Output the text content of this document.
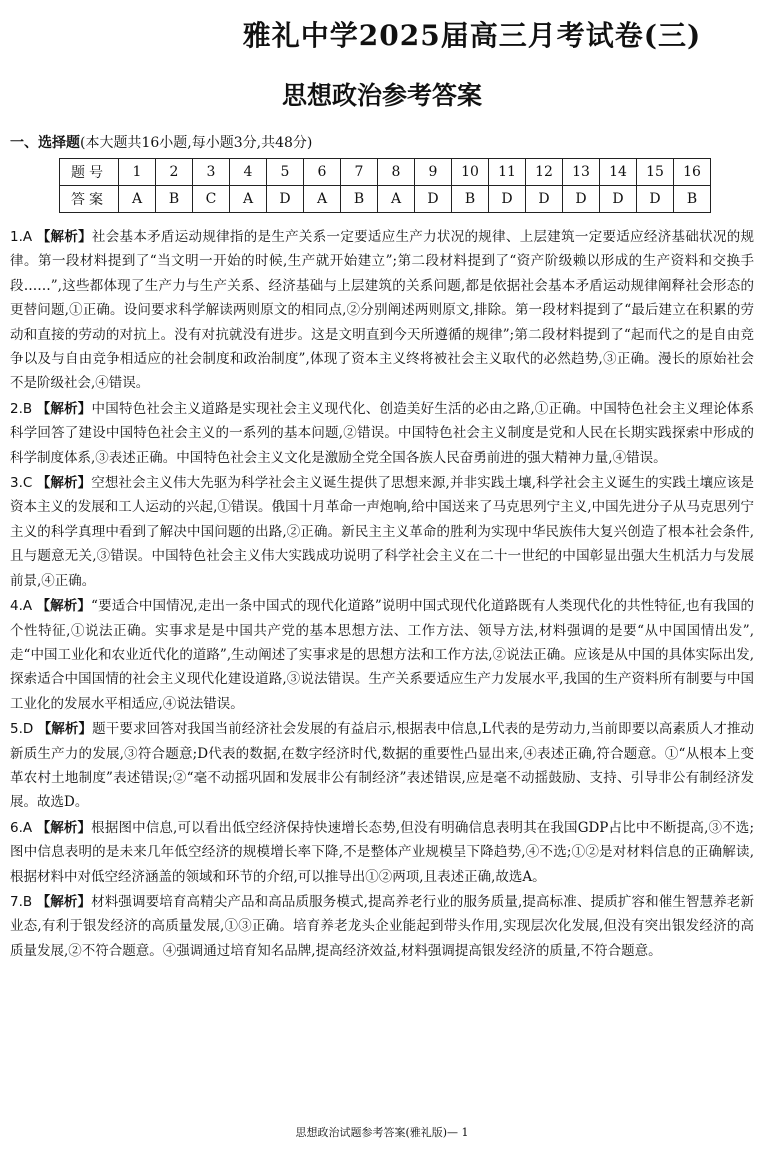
雅礼中学2025届高三月考试卷(三)
思想政治参考答案
一、选择题(本大题共16小题,每小题3分,共48分)
题号	1	2	3	4	5	6	7	8	9	10	11	12	13	14	15	16
答案	A	B	C	A	D	A	B	A	D	B	D	D	D	D	D	B
1.A 【解析】社会基本矛盾运动规律指的是生产关系一定要适应生产力状况的规律、上层建筑一定要适应经济基础状况的规律。第一段材料提到了“当文明一开始的时候,生产就开始建立”;第二段材料提到了“资产阶级赖以形成的生产资料和交换手段……”,这些都体现了生产力与生产关系、经济基础与上层建筑的关系问题,都是依据社会基本矛盾运动规律阐释社会形态的更替问题,①正确。设问要求科学解读两则原文的相同点,②分别阐述两则原文,排除。第一段材料提到了“最后建立在积累的劳动和直接的劳动的对抗上。没有对抗就没有进步。这是文明直到今天所遵循的规律”;第二段材料提到了“起而代之的是自由竞争以及与自由竞争相适应的社会制度和政治制度”,体现了资本主义终将被社会主义取代的必然趋势,③正确。漫长的原始社会不是阶级社会,④错误。
2.B 【解析】中国特色社会主义道路是实现社会主义现代化、创造美好生活的必由之路,①正确。中国特色社会主义理论体系科学回答了建设中国特色社会主义的一系列的基本问题,②错误。中国特色社会主义制度是党和人民在长期实践探索中形成的科学制度体系,③表述正确。中国特色社会主义文化是激励全党全国各族人民奋勇前进的强大精神力量,④错误。
3.C 【解析】空想社会主义伟大先驱为科学社会主义诞生提供了思想来源,并非实践土壤,科学社会主义诞生的实践土壤应该是资本主义的发展和工人运动的兴起,①错误。俄国十月革命一声炮响,给中国送来了马克思列宁主义,中国先进分子从马克思列宁主义的科学真理中看到了解决中国问题的出路,②正确。新民主主义革命的胜利为实现中华民族伟大复兴创造了根本社会条件,且与题意无关,③错误。中国特色社会主义伟大实践成功说明了科学社会主义在二十一世纪的中国彰显出强大生机活力与发展前景,④正确。
4.A 【解析】“要适合中国情况,走出一条中国式的现代化道路”说明中国式现代化道路既有人类现代化的共性特征,也有我国的个性特征,①说法正确。实事求是是中国共产党的基本思想方法、工作方法、领导方法,材料强调的是要“从中国国情出发”,走“中国工业化和农业近代化的道路”,生动阐述了实事求是的思想方法和工作方法,②说法正确。应该是从中国的具体实际出发,探索适合中国国情的社会主义现代化建设道路,③说法错误。生产关系要适应生产力发展水平,我国的生产资料所有制要与中国工业化的发展水平相适应,④说法错误。
5.D 【解析】题干要求回答对我国当前经济社会发展的有益启示,根据表中信息,L代表的是劳动力,当前即要以高素质人才推动新质生产力的发展,③符合题意;D代表的数据,在数字经济时代,数据的重要性凸显出来,④表述正确,符合题意。①“从根本上变革农村土地制度”表述错误;②“毫不动摇巩固和发展非公有制经济”表述错误,应是毫不动摇鼓励、支持、引导非公有制经济发展。故选D。
6.A 【解析】根据图中信息,可以看出低空经济保持快速增长态势,但没有明确信息表明其在我国GDP占比中不断提高,③不选;图中信息表明的是未来几年低空经济的规模增长率下降,不是整体产业规模呈下降趋势,④不选;①②是对材料信息的正确解读,根据材料中对低空经济涵盖的领域和环节的介绍,可以推导出①②两项,且表述正确,故选A。
7.B 【解析】材料强调要培育高精尖产品和高品质服务模式,提高养老行业的服务质量,提高标准、提质扩容和催生智慧养老新业态,有利于银发经济的高质量发展,①③正确。培育养老龙头企业能起到带头作用,实现层次化发展,但没有突出银发经济的高质量发展,②不符合题意。④强调通过培育知名品牌,提高经济效益,材料强调提高银发经济的质量,不符合题意。
思想政治试题参考答案(雅礼版)— 1
